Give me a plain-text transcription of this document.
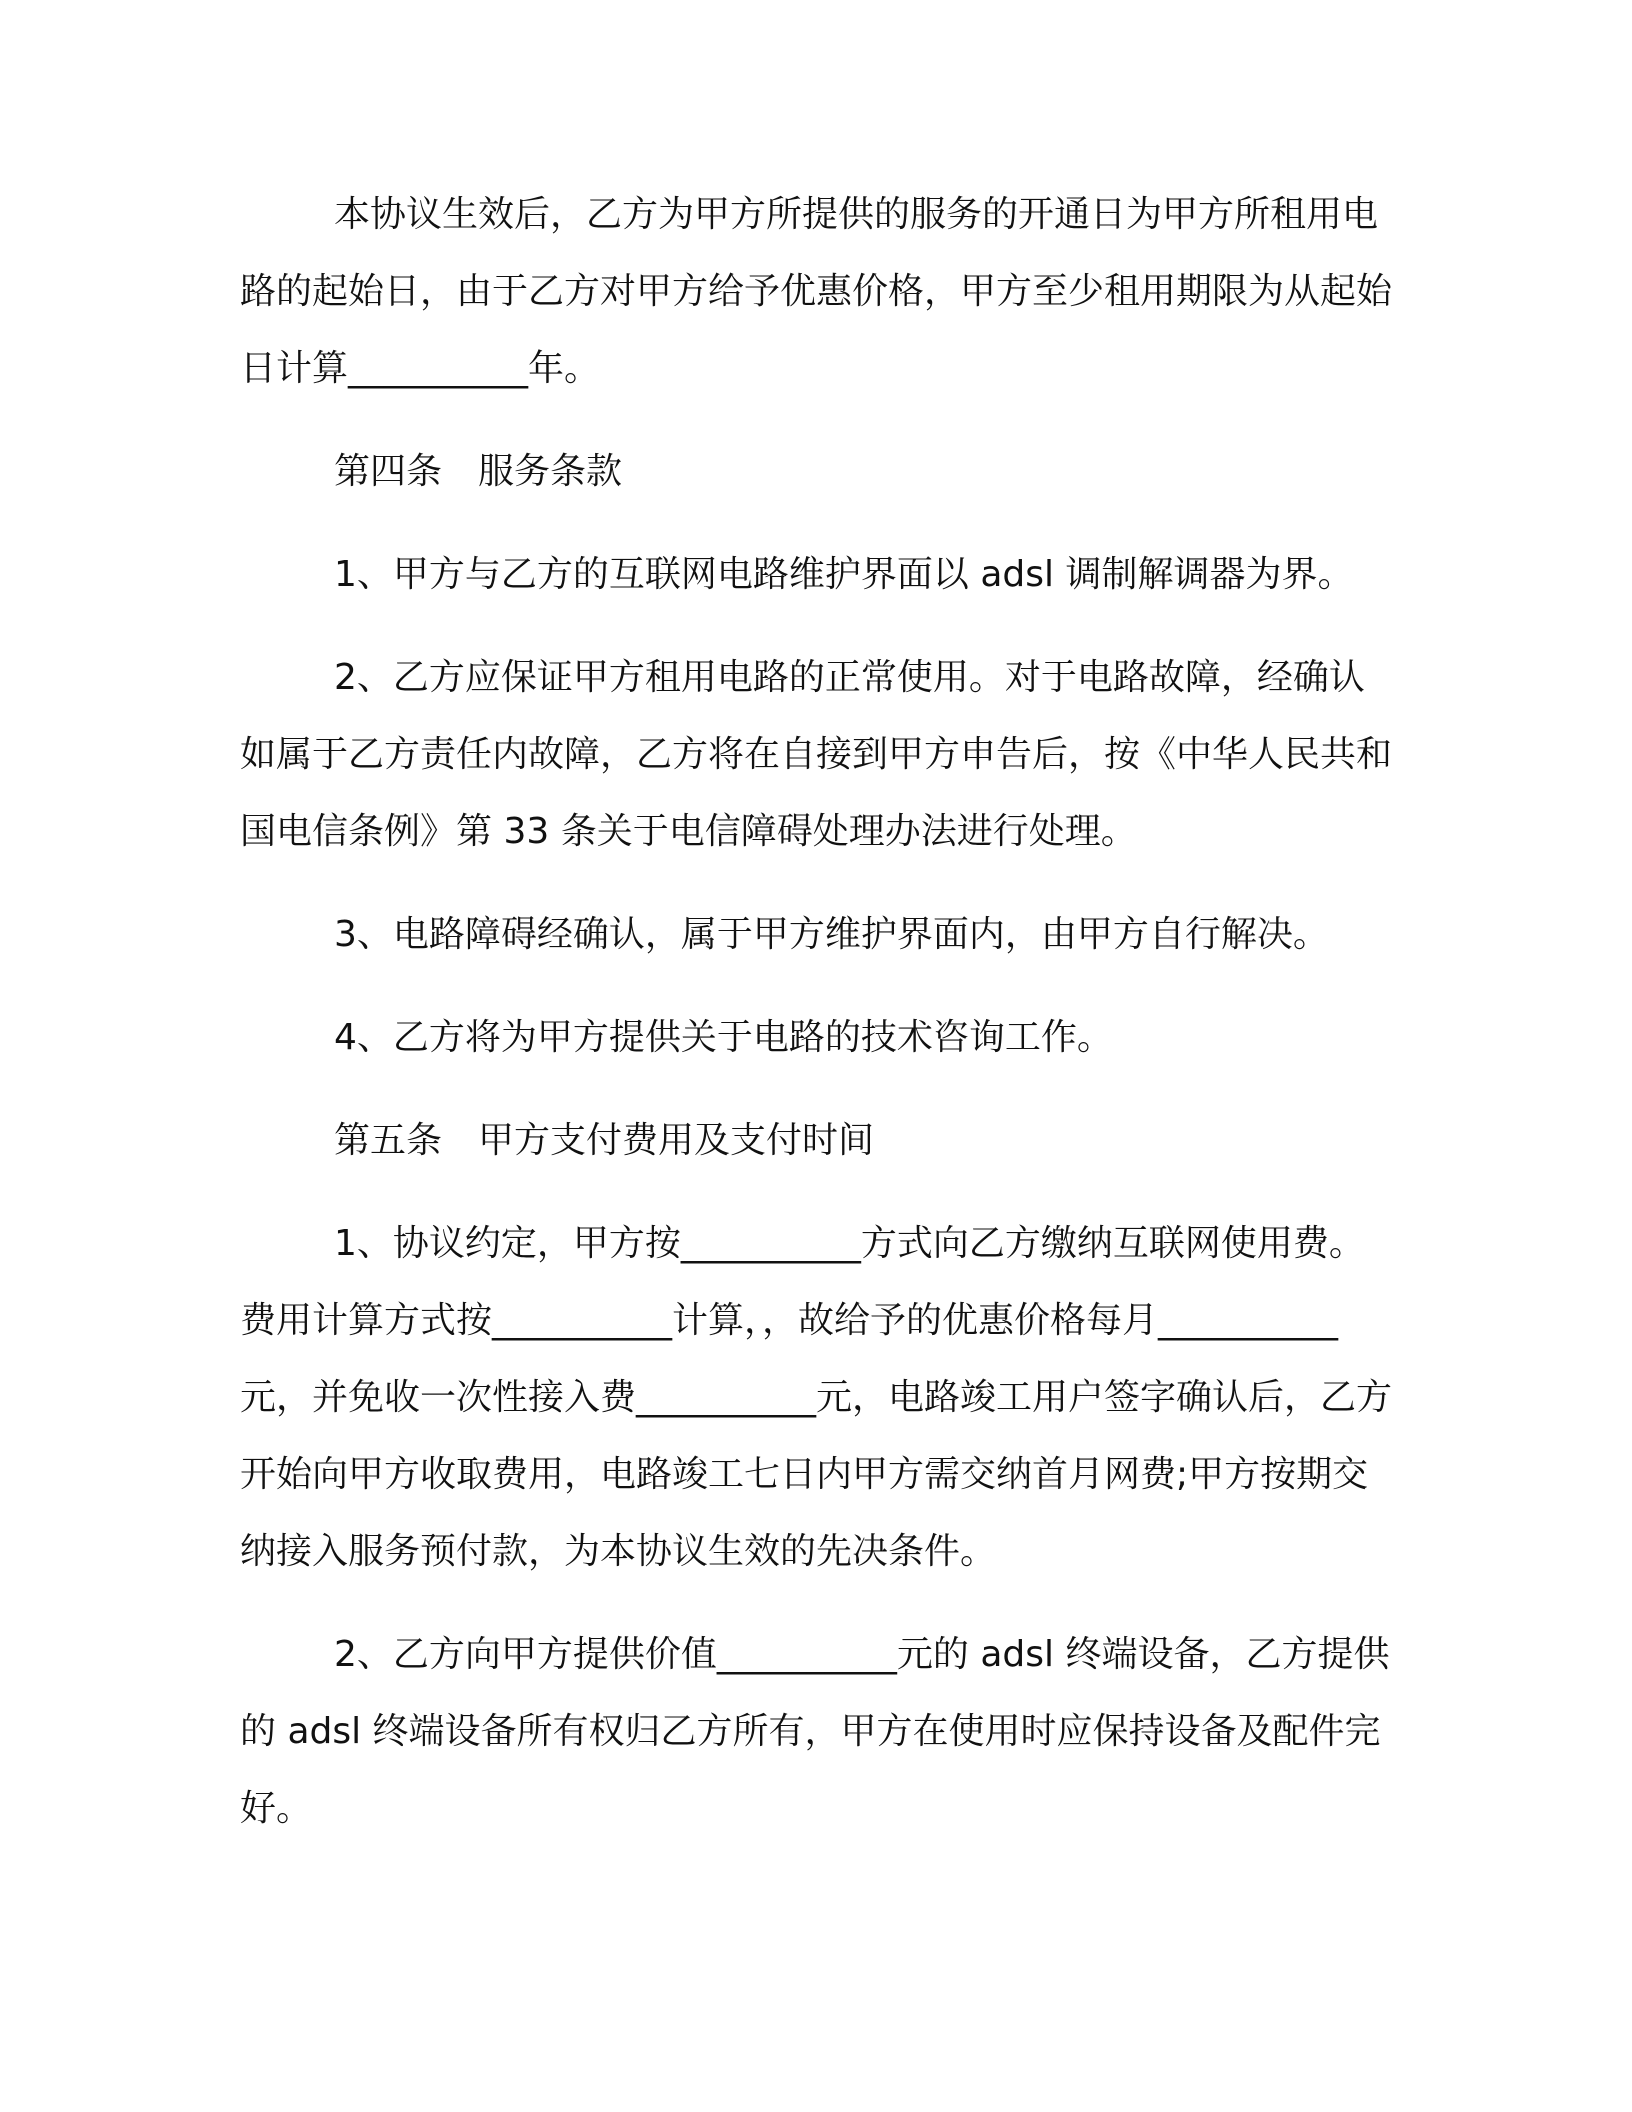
本协议生效后，乙方为甲方所提供的服务的开通日为甲方所租用电路的起始日，由于乙方对甲方给予优惠价格，甲方至少租用期限为从起始日计算__________年。

第四条 服务条款

1、甲方与乙方的互联网电路维护界面以 adsl 调制解调器为界。

2、乙方应保证甲方租用电路的正常使用。对于电路故障，经确认如属于乙方责任内故障，乙方将在自接到甲方申告后，按《中华人民共和国电信条例》第 33 条关于电信障碍处理办法进行处理。

3、电路障碍经确认，属于甲方维护界面内，由甲方自行解决。

4、乙方将为甲方提供关于电路的技术咨询工作。

第五条 甲方支付费用及支付时间

1、协议约定，甲方按__________方式向乙方缴纳互联网使用费。费用计算方式按__________计算，，故给予的优惠价格每月__________元，并免收一次性接入费__________元，电路竣工用户签字确认后，乙方开始向甲方收取费用，电路竣工七日内甲方需交纳首月网费;甲方按期交纳接入服务预付款，为本协议生效的先决条件。

2、乙方向甲方提供价值__________元的 adsl 终端设备，乙方提供的 adsl 终端设备所有权归乙方所有，甲方在使用时应保持设备及配件完好。
